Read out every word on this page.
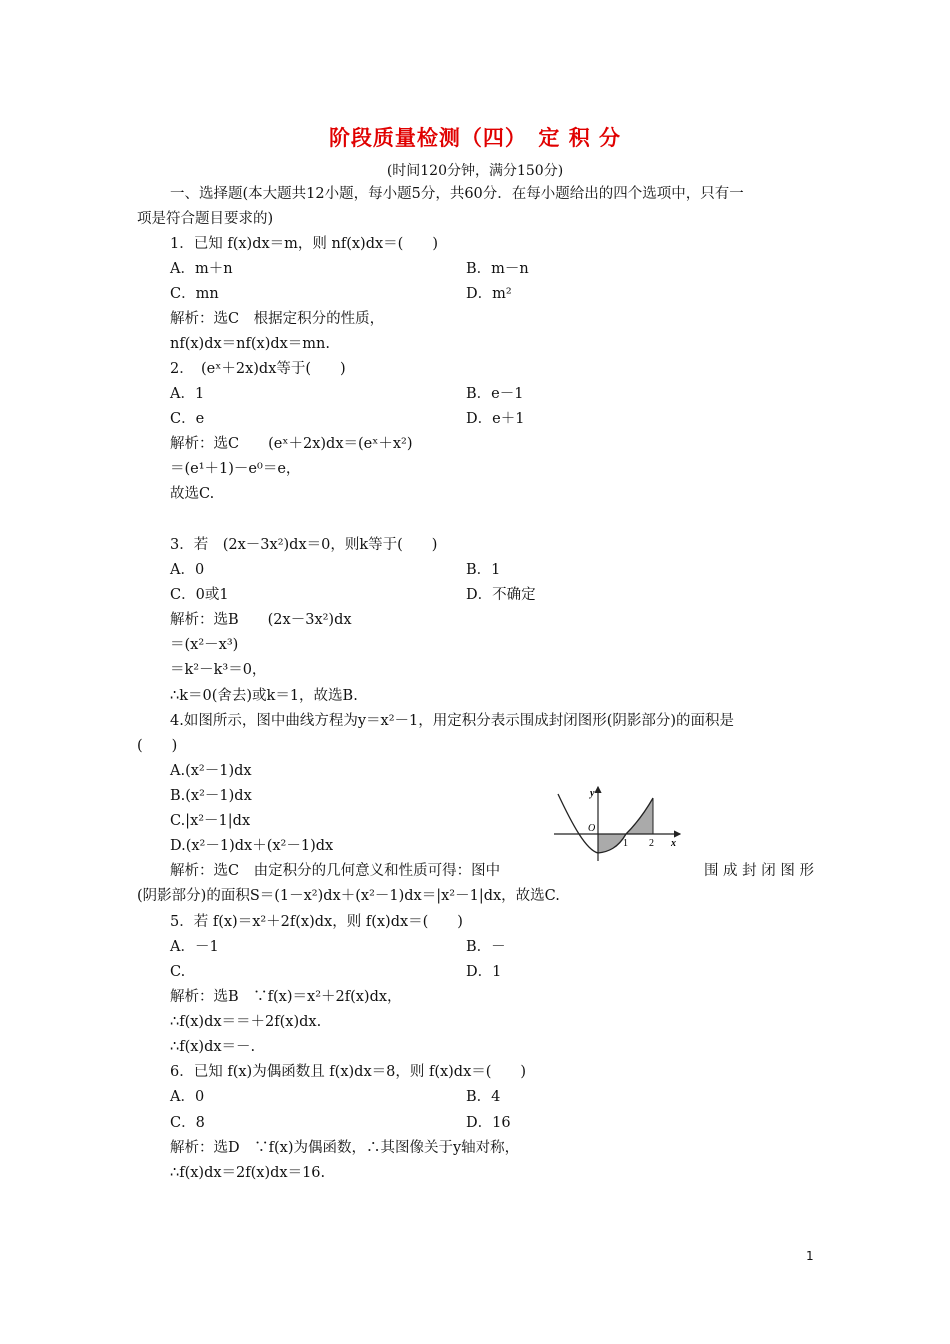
阶段质量检测（四）　定 积 分
(时间120分钟，满分150分)
一、选择题(本大题共12小题，每小题5分，共60分．在每小题给出的四个选项中，只有一
项是符合题目要求的)
1．已知 f(x)dx＝m，则 nf(x)dx＝(　　)
A．m＋n	B．m－n
C．mn	D．m²
解析：选C　根据定积分的性质，
nf(x)dx＝nf(x)dx＝mn.
2．　(eˣ＋2x)dx等于(　　)
A．1	B．e－1
C．e	D．e＋1
解析：选C　　(eˣ＋2x)dx＝(eˣ＋x²)
＝(e¹＋1)－e⁰＝e，
故选C.
3．若　(2x－3x²)dx＝0，则k等于(　　)
A．0	B．1
C．0或1	D．不确定
解析：选B　　(2x－3x²)dx
＝(x²－x³)
＝k²－k³＝0，
∴k＝0(舍去)或k＝1，故选B.
4.如图所示，图中曲线方程为y＝x²－1，用定积分表示围成封闭图形(阴影部分)的面积是
(　　)
A.(x²－1)dx
B.(x²－1)dx
C.|x²－1|dx
D.(x²－1)dx＋(x²－1)dx
解析：选C　由定积分的几何意义和性质可得：图中	围 成 封 闭 图 形
(阴影部分)的面积S＝(1－x²)dx＋(x²－1)dx＝|x²－1|dx，故选C.
y
x
O
1 2
5．若 f(x)＝x²＋2f(x)dx，则 f(x)dx＝(　　)
A．－1	B．－
C.	D．1
解析：选B　∵f(x)＝x²＋2f(x)dx，
∴f(x)dx＝＝＋2f(x)dx.
∴f(x)dx＝－.
6．已知 f(x)为偶函数且 f(x)dx＝8，则 f(x)dx＝(　　)
A．0	B．4
C．8	D．16
解析：选D　∵f(x)为偶函数，∴其图像关于y轴对称，
∴f(x)dx＝2f(x)dx＝16.
1
